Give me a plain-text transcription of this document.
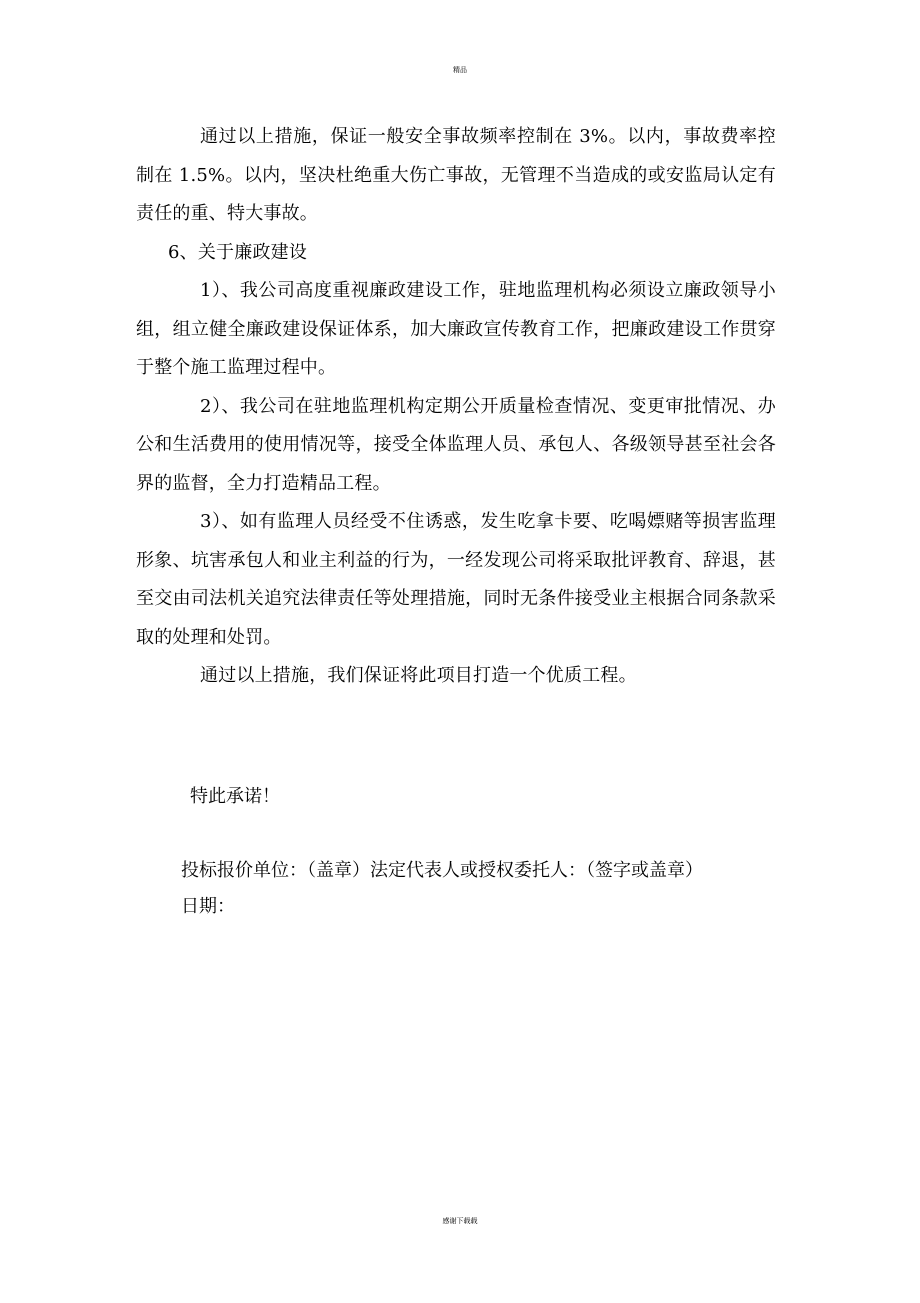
精品

通过以上措施，保证一般安全事故频率控制在 3%。以内，事故费率控制在 1.5%。以内，坚决杜绝重大伤亡事故，无管理不当造成的或安监局认定有责任的重、特大事故。

6、关于廉政建设

1）、我公司高度重视廉政建设工作，驻地监理机构必须设立廉政领导小组，组立健全廉政建设保证体系，加大廉政宣传教育工作，把廉政建设工作贯穿于整个施工监理过程中。

2）、我公司在驻地监理机构定期公开质量检查情况、变更审批情况、办公和生活费用的使用情况等，接受全体监理人员、承包人、各级领导甚至社会各界的监督，全力打造精品工程。

3）、如有监理人员经受不住诱惑，发生吃拿卡要、吃喝嫖赌等损害监理形象、坑害承包人和业主利益的行为，一经发现公司将采取批评教育、辞退，甚至交由司法机关追究法律责任等处理措施，同时无条件接受业主根据合同条款采取的处理和处罚。

通过以上措施，我们保证将此项目打造一个优质工程。

特此承诺！

投标报价单位：（盖章）法定代表人或授权委托人：（签字或盖章）

日期：

感谢下载载
